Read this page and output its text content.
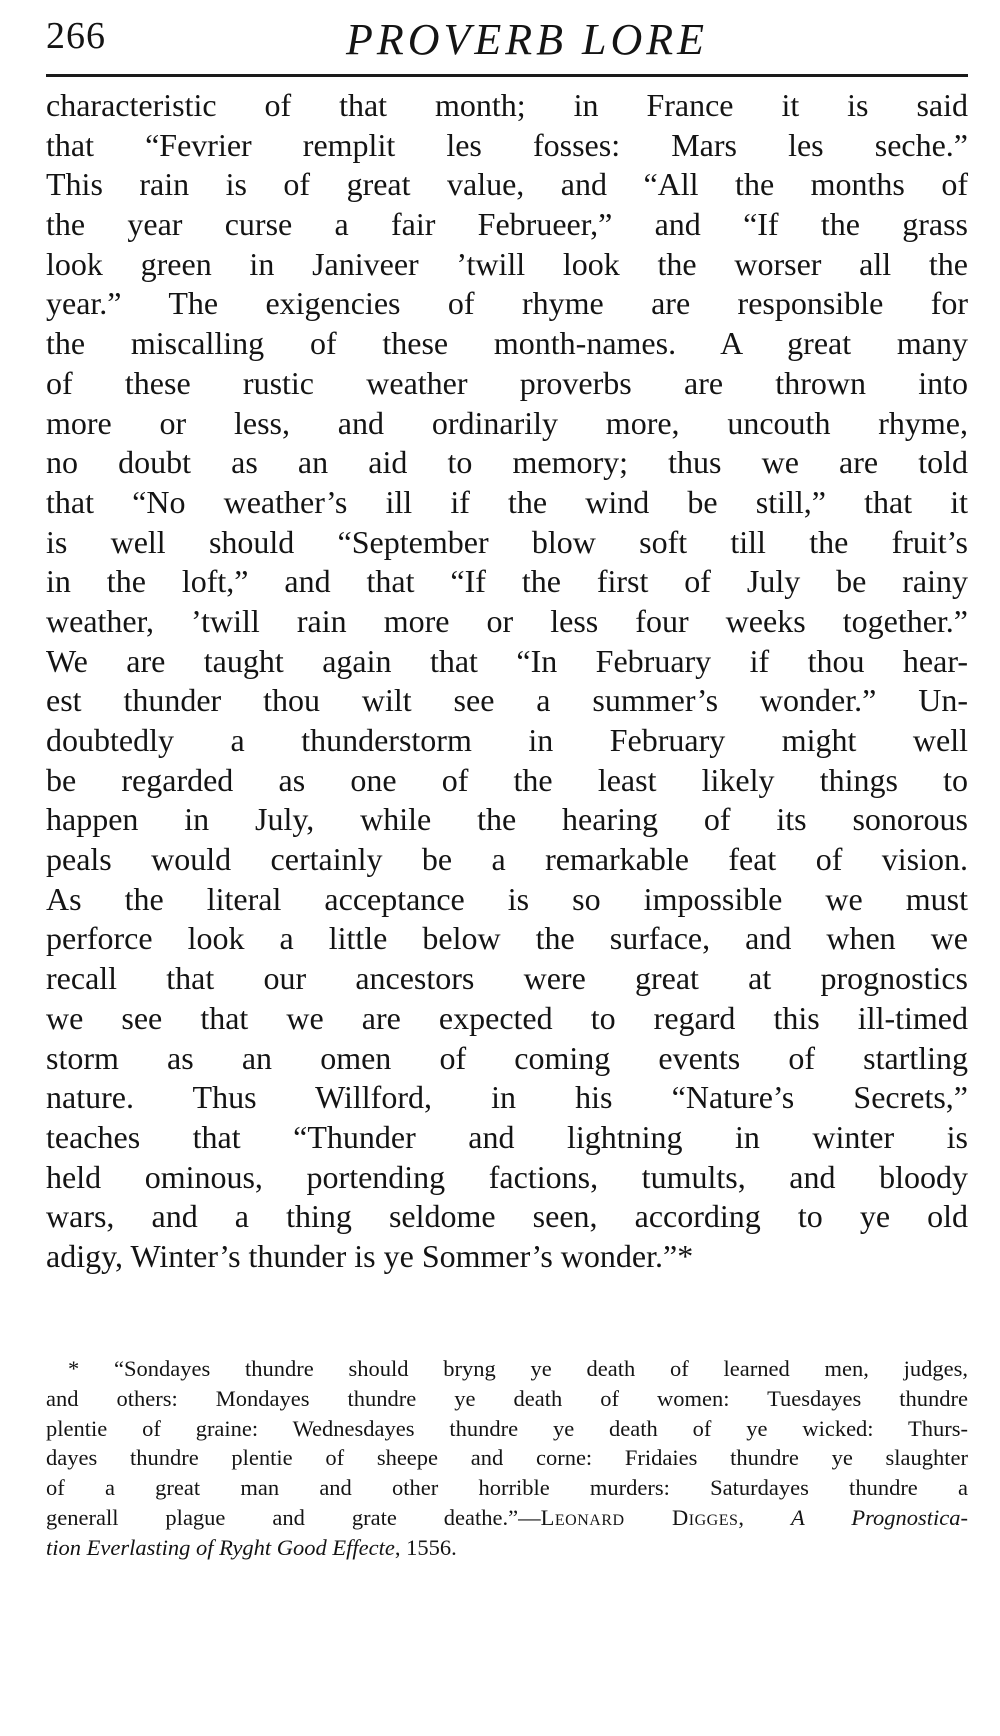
266	PROVERB LORE
characteristic of that month; in France it is said
that “Fevrier remplit les fosses: Mars les seche.”
This rain is of great value, and “All the months of
the year curse a fair Februeer,” and “If the grass
look green in Janiveer ’twill look the worser all the
year.” The exigencies of rhyme are responsible for
the miscalling of these month-names. A great many
of these rustic weather proverbs are thrown into
more or less, and ordinarily more, uncouth rhyme,
no doubt as an aid to memory; thus we are told
that “No weather’s ill if the wind be still,” that it
is well should “September blow soft till the fruit’s
in the loft,” and that “If the first of July be rainy
weather, ’twill rain more or less four weeks together.”
We are taught again that “In February if thou hear-
est thunder thou wilt see a summer’s wonder.” Un-
doubtedly a thunderstorm in February might well
be regarded as one of the least likely things to
happen in July, while the hearing of its sonorous
peals would certainly be a remarkable feat of vision.
As the literal acceptance is so impossible we must
perforce look a little below the surface, and when we
recall that our ancestors were great at prognostics
we see that we are expected to regard this ill-timed
storm as an omen of coming events of startling
nature. Thus Willford, in his “Nature’s Secrets,”
teaches that “Thunder and lightning in winter is
held ominous, portending factions, tumults, and bloody
wars, and a thing seldome seen, according to ye old
adigy, Winter’s thunder is ye Sommer’s wonder.”*
* “Sondayes thundre should bryng ye death of learned men, judges,
and others: Mondayes thundre ye death of women: Tuesdayes thundre
plentie of graine: Wednesdayes thundre ye death of ye wicked: Thurs-
dayes thundre plentie of sheepe and corne: Fridaies thundre ye slaughter
of a great man and other horrible murders: Saturdayes thundre a
generall plague and grate deathe.”—Leonard Digges, A Prognostica-
tion Everlasting of Ryght Good Effecte, 1556.
